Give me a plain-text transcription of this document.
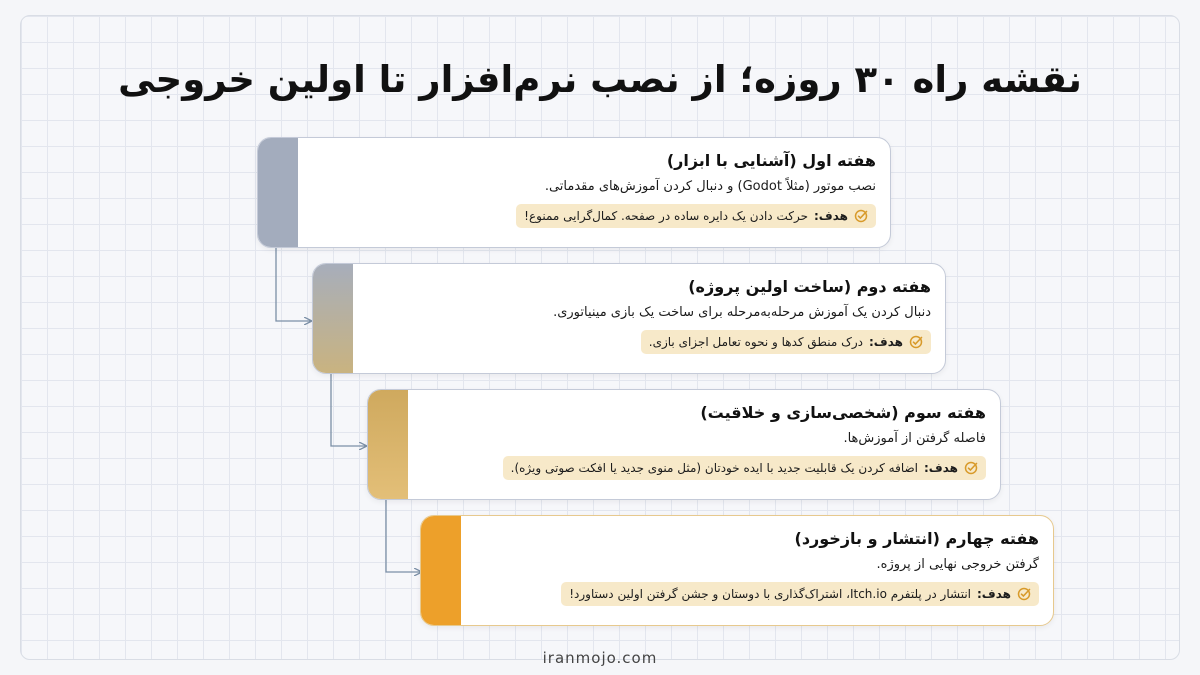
نقشه راه ۳۰ روزه؛ از نصب نرم‌افزار تا اولین خروجی
هفته اول (آشنایی با ابزار)
نصب موتور (مثلاً Godot) و دنبال کردن آموزش‌های مقدماتی.
هدف:
حرکت دادن یک دایره ساده در صفحه. کمال‌گرایی ممنوع!
هفته دوم (ساخت اولین پروژه)
دنبال کردن یک آموزش مرحله‌به‌مرحله برای ساخت یک بازی مینیاتوری.
هدف:
درک منطق کدها و نحوه تعامل اجزای بازی.
هفته سوم (شخصی‌سازی و خلاقیت)
فاصله گرفتن از آموزش‌ها.
هدف:
اضافه کردن یک قابلیت جدید با ایده خودتان (مثل منوی جدید یا افکت صوتی ویژه).
هفته چهارم (انتشار و بازخورد)
گرفتن خروجی نهایی از پروژه.
هدف:
انتشار در پلتفرم Itch.io، اشتراک‌گذاری با دوستان و جشن گرفتن اولین دستاورد!
iranmojo.com
